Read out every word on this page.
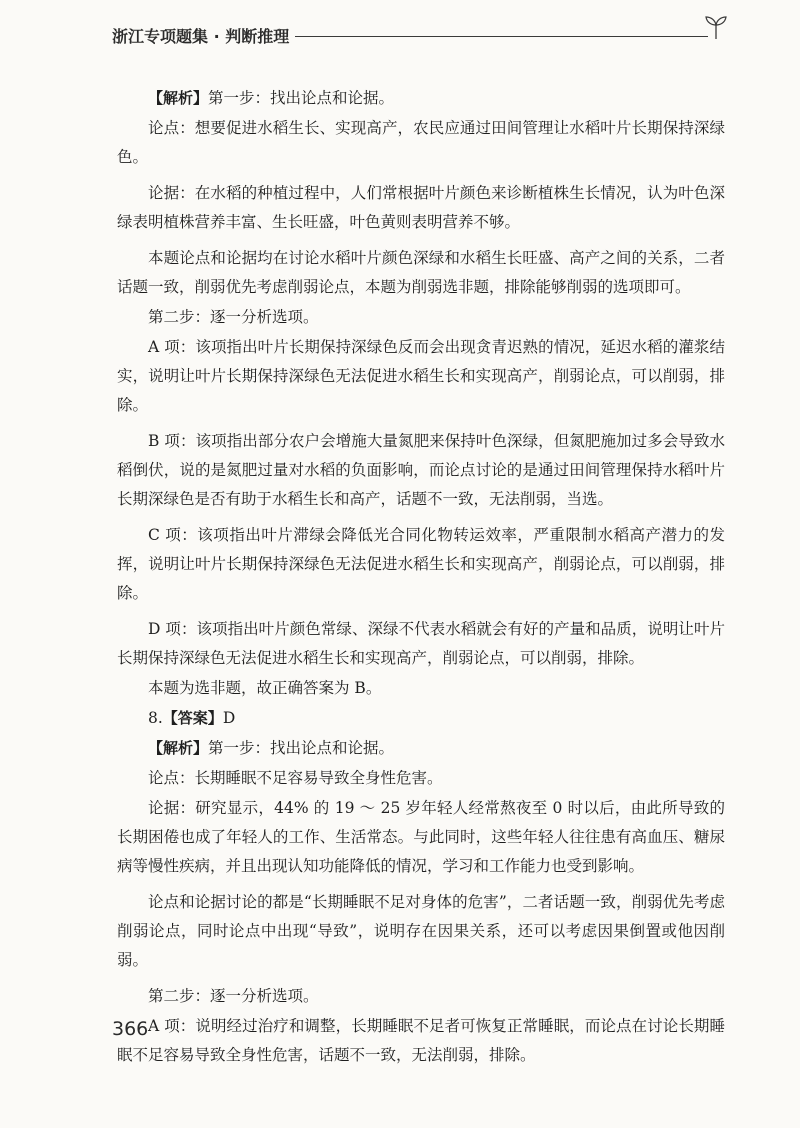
浙江专项题集 · 判断推理

【解析】第一步：找出论点和论据。

论点：想要促进水稻生长、实现高产，农民应通过田间管理让水稻叶片长期保持深绿色。

论据：在水稻的种植过程中，人们常根据叶片颜色来诊断植株生长情况，认为叶色深绿表明植株营养丰富、生长旺盛，叶色黄则表明营养不够。

本题论点和论据均在讨论水稻叶片颜色深绿和水稻生长旺盛、高产之间的关系，二者话题一致，削弱优先考虑削弱论点，本题为削弱选非题，排除能够削弱的选项即可。

第二步：逐一分析选项。

A 项：该项指出叶片长期保持深绿色反而会出现贪青迟熟的情况，延迟水稻的灌浆结实，说明让叶片长期保持深绿色无法促进水稻生长和实现高产，削弱论点，可以削弱，排除。

B 项：该项指出部分农户会增施大量氮肥来保持叶色深绿，但氮肥施加过多会导致水稻倒伏，说的是氮肥过量对水稻的负面影响，而论点讨论的是通过田间管理保持水稻叶片长期深绿色是否有助于水稻生长和高产，话题不一致，无法削弱，当选。

C 项：该项指出叶片滞绿会降低光合同化物转运效率，严重限制水稻高产潜力的发挥，说明让叶片长期保持深绿色无法促进水稻生长和实现高产，削弱论点，可以削弱，排除。

D 项：该项指出叶片颜色常绿、深绿不代表水稻就会有好的产量和品质，说明让叶片长期保持深绿色无法促进水稻生长和实现高产，削弱论点，可以削弱，排除。

本题为选非题，故正确答案为 B。

8.【答案】D

【解析】第一步：找出论点和论据。

论点：长期睡眠不足容易导致全身性危害。

论据：研究显示，44% 的 19 ～ 25 岁年轻人经常熬夜至 0 时以后，由此所导致的长期困倦也成了年轻人的工作、生活常态。与此同时，这些年轻人往往患有高血压、糖尿病等慢性疾病，并且出现认知功能降低的情况，学习和工作能力也受到影响。

论点和论据讨论的都是“长期睡眠不足对身体的危害”，二者话题一致，削弱优先考虑削弱论点，同时论点中出现“导致”，说明存在因果关系，还可以考虑因果倒置或他因削弱。

第二步：逐一分析选项。

A 项：说明经过治疗和调整，长期睡眠不足者可恢复正常睡眠，而论点在讨论长期睡眠不足容易导致全身性危害，话题不一致，无法削弱，排除。

366
